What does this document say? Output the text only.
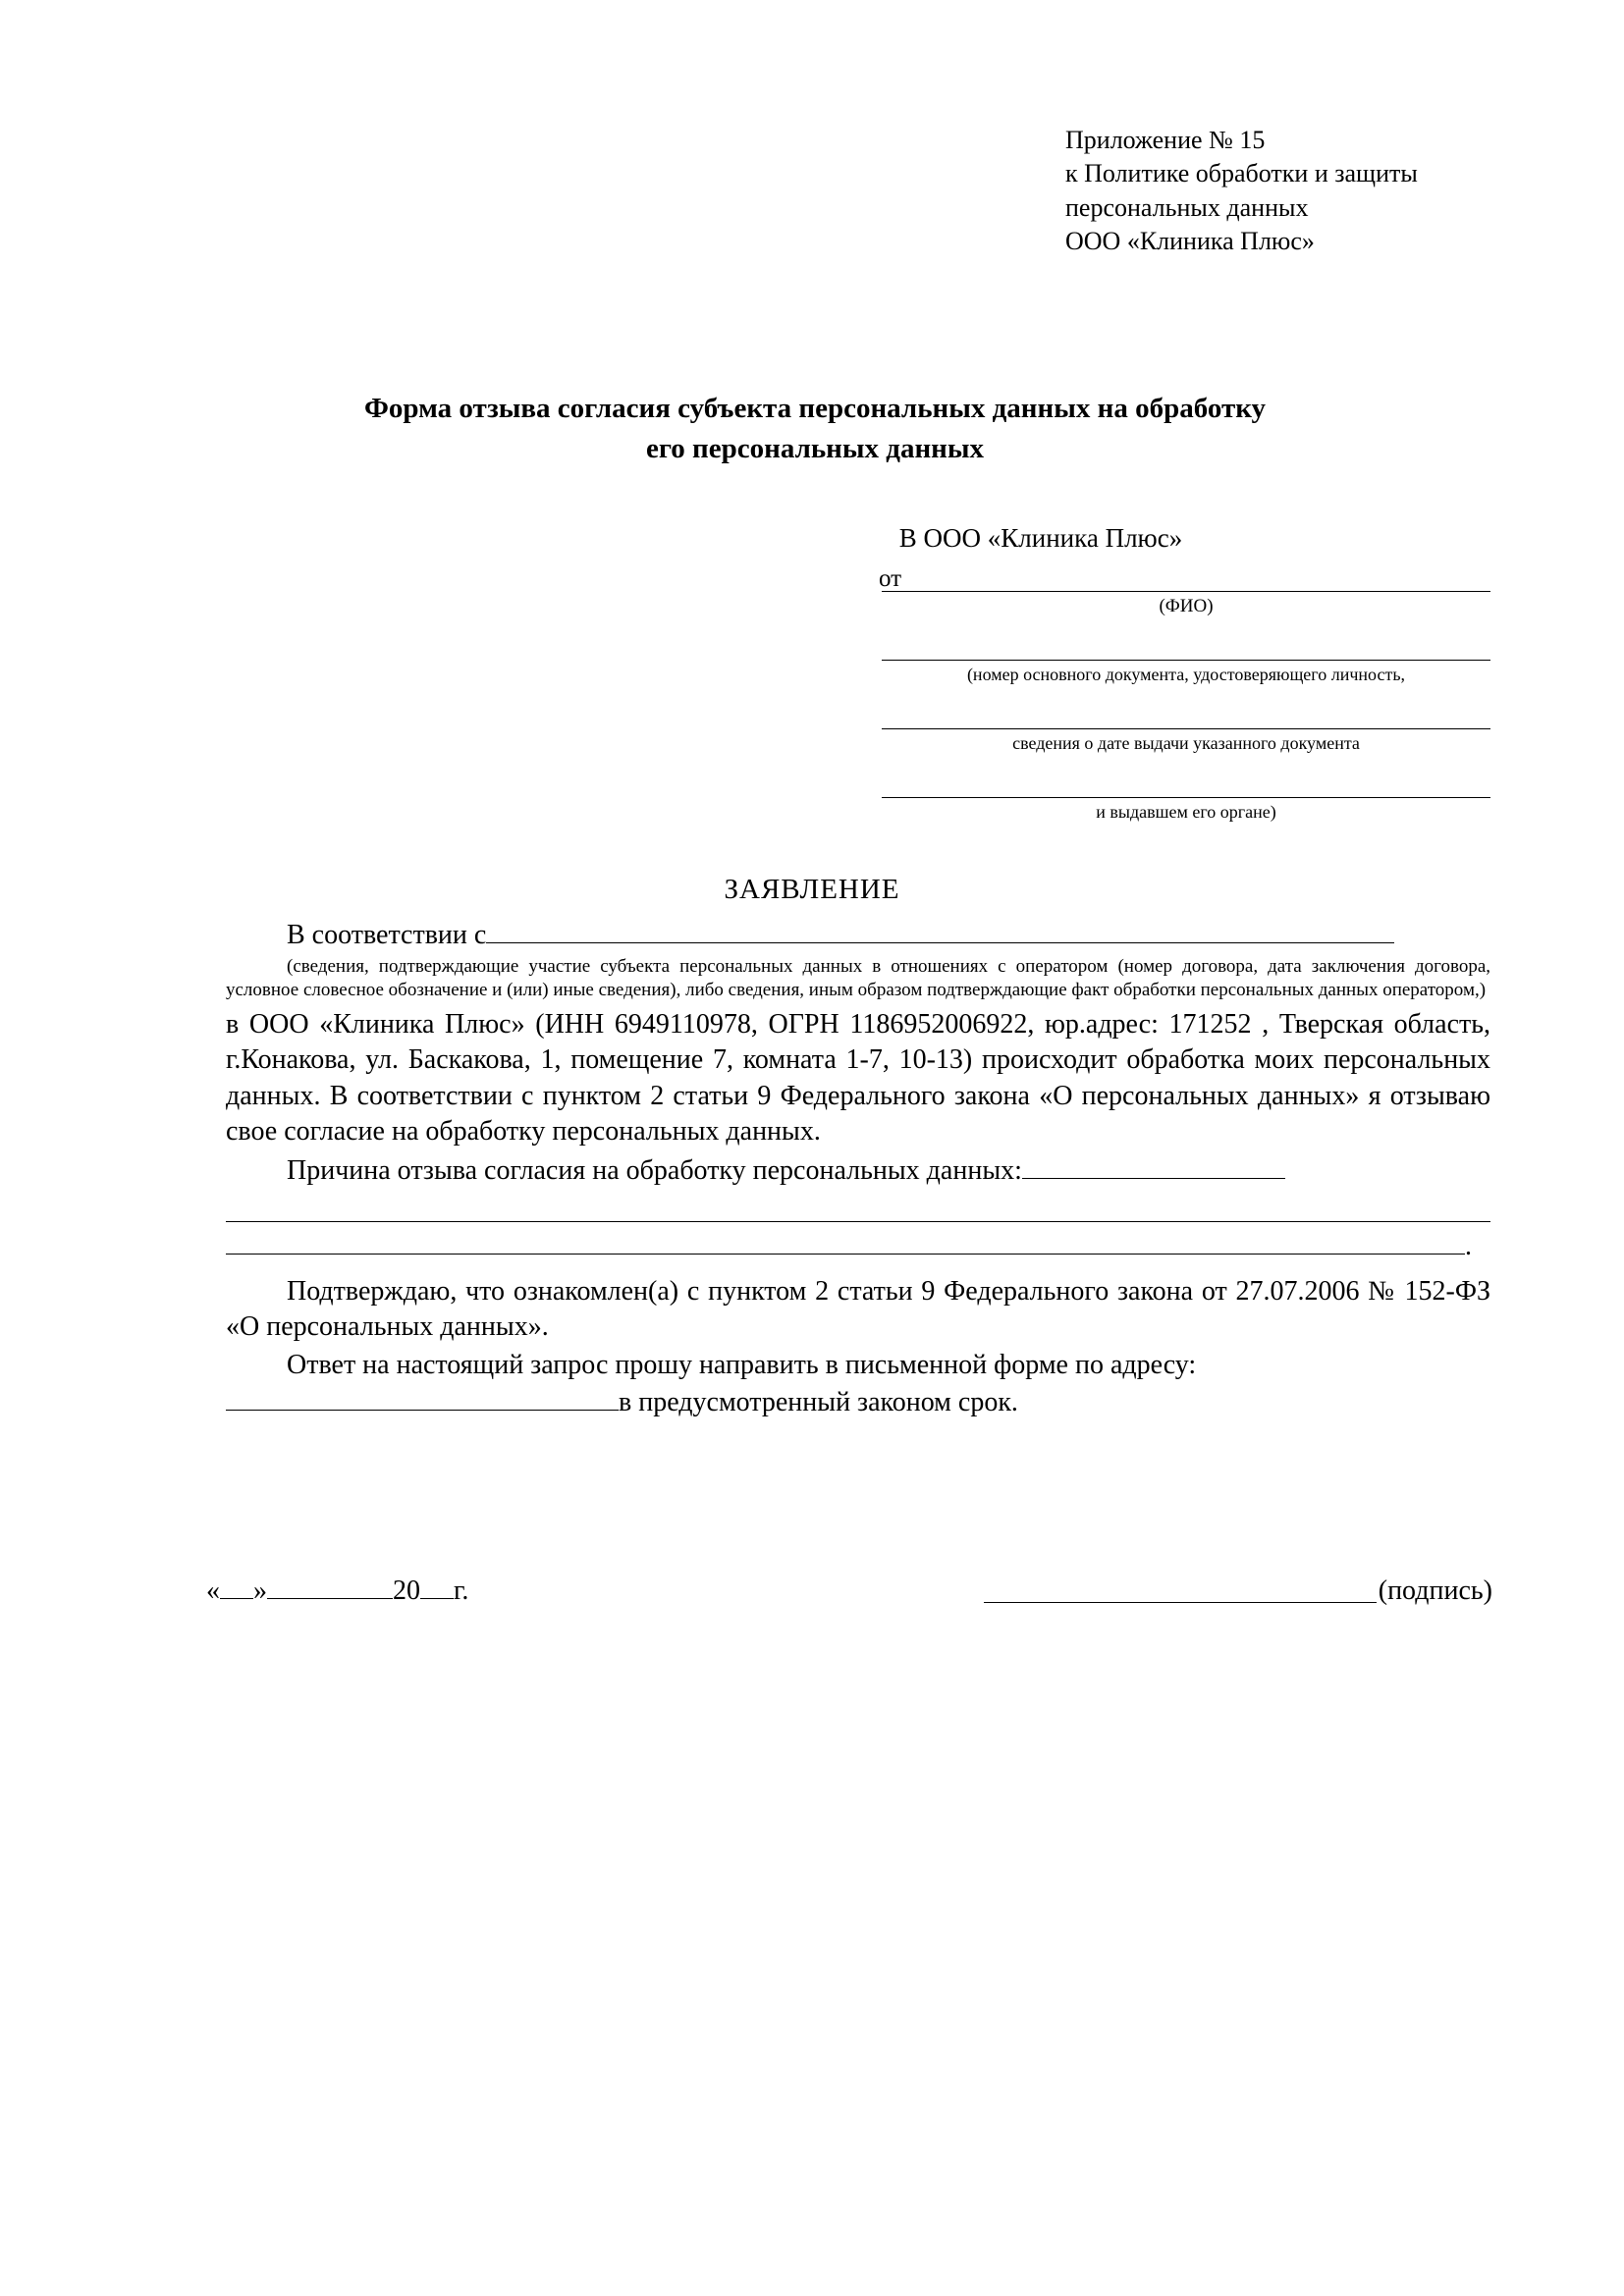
Приложение № 15
к Политике обработки и защиты
персональных данных
ООО «Клиника Плюс»
Форма отзыва согласия субъекта персональных данных на обработку
его персональных данных
В ООО «Клиника Плюс»
от
(ФИО)
(номер основного документа, удостоверяющего личность,
сведения о дате выдачи указанного документа
и выдавшем его органе)
ЗАЯВЛЕНИЕ

В соответствии с

(сведения, подтверждающие участие субъекта персональных данных в отношениях с оператором (номер договора, дата заключения договора, условное словесное обозначение и (или) иные сведения), либо сведения, иным образом подтверждающие факт обработки персональных данных оператором,)

в ООО «Клиника Плюс» (ИНН 6949110978, ОГРН 1186952006922, юр.адрес: 171252 , Тверская область, г.Конакова, ул. Баскакова, 1, помещение 7, комната 1-7, 10-13) происходит обработка моих персональных данных. В соответствии с пунктом 2 статьи 9 Федерального закона «О персональных данных» я отзываю свое согласие на обработку персональных данных.

Причина отзыва согласия на обработку персональных данных:

.

Подтверждаю, что ознакомлен(а) с пунктом 2 статьи 9 Федерального закона от 27.07.2006 № 152-ФЗ «О персональных данных».

Ответ на настоящий запрос прошу направить в письменной форме по адресу:

в предусмотренный законом срок.

« »	20 г.	(подпись)
